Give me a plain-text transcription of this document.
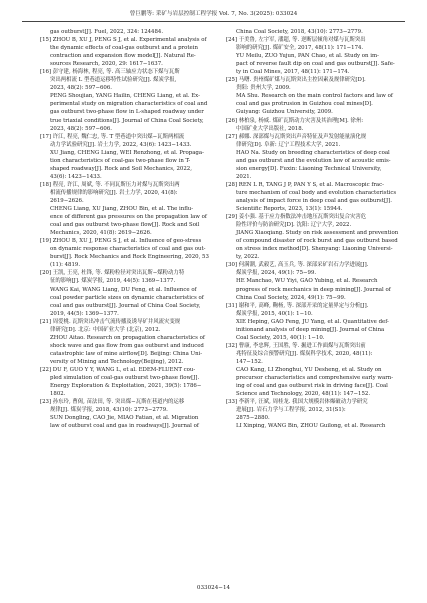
曾巨鹏等: 采矿与岩层控制工程学报 Vol. 7, No. 3(2025): 033024
gas outburst[J]. Fuel, 2022, 324: 124484.
[15] ZHOU B, XU J, PENG S J, et al. Experimental analysis of
the dynamic effects of coal-gas outburst and a protein
contraction and expansion flow model[J]. Natural Re-
sources Research, 2020, 29: 1617−1637.
[16] 彭守建, 杨海林, 程亮, 等. 高三轴应力状态下煤与瓦斯
突出两相流 L 型巷道运移特性试验研究[J]. 煤炭学报,
2023, 48(2): 597−606.
PENG Shoujian, YANG Hailin, CHENG Liang, et al. Ex-
perimental study on migration characteristics of coal and
gas outburst two-phase flow in L-shaped roadway under
true triaxial conditions[J]. Journal of China Coal Society,
2023, 48(2): 597−606.
[17] 许江, 程亮, 魏仁忠, 等. T 型巷道中突出煤−瓦斯两相流
动力学试验研究[J]. 岩土力学, 2022, 43(6): 1423−1433.
XU Jiang, CHENG Liang, WEI Renzhong, et al. Propaga-
tion characteristics of coal-gas two-phase flow in T-
shaped roadway[J]. Rock and Soil Mechanics, 2022,
43(6): 1423−1433.
[18] 程亮, 许江, 周斌, 等. 不同瓦斯压力对煤与瓦斯突出两
相流传播规律的影响研究[J]. 岩土力学, 2020, 41(8):
2619−2626.
CHENG Liang, XU Jiang, ZHOU Bin, et al. The influ-
ence of different gas pressures on the propagation law of
coal and gas outburst two-phase flow[J]. Rock and Soil
Mechanics, 2020, 41(8): 2619−2626.
[19] ZHOU B, XU J, PENG S J, et al. Influence of geo-stress
on dynamic response characteristics of coal and gas out-
burst[J]. Rock Mechanics and Rock Engineering, 2020, 53
(11): 4819.
[20] 王凯, 王亮, 杜锋, 等. 煤粉粒径对突出瓦斯−煤粉动力特
征的影响[J]. 煤炭学报, 2019, 44(5): 1369−1377.
WANG Kai, WANG Liang, DU Feng, et al. Influence of
coal powder particle sizes on dynamic characteristics of
coal and gas outburst[J]. Journal of China Coal Society,
2019, 44(5): 1369−1377.
[21] 周爱桃. 瓦斯突出冲击气流传播及诱导矿井风流灾变规
律研究[D]. 北京: 中国矿业大学 (北京), 2012.
ZHOU Aitao. Research on propagation characteristics of
shock wave and gas flow from gas outburst and induced
catastrophic law of mine airflow[D]. Beijing: China Uni-
versity of Mining and Technology(Beijing), 2012.
[22] DU F, GUO Y Y, WANG L, et al. EDEM-FLUENT cou-
pled simulation of coal-gas outburst two-phase flow[J].
Energy Exploration & Exploitation, 2021, 39(5): 1786−
1802.
[23] 孙东玲, 曹偈, 苗法田, 等. 突出煤−瓦斯在巷道内的运移
规律[J]. 煤炭学报, 2018, 43(10): 2773−2779.
SUN Dongling, CAO Jie, MIAO Fatian, et al. Migration
law of outburst coal and gas in roadways[J]. Journal of
China Coal Society, 2018, 43(10): 2773−2779.
[24] 于美鲁, 左宇军, 潘超, 等. 逆断层倾角对煤与瓦斯突出
影响的研究[J]. 煤矿安全, 2017, 48(11): 171−174.
YU Meilu, ZUO Yujun, PAN Chao, et al. Study on im-
pact of reverse fault dip on coal and gas outburst[J]. Safe-
ty in Coal Mines, 2017, 48(11): 171−174.
[25] 马曙. 贵州煤矿煤与瓦斯突出主控因素及规律研究[D].
贵阳: 贵州大学, 2009.
MA Shu. Research on the main control factors and law of
coal and gas protrusion in Guizhou coal mines[D].
Guiyang: Guizhou University, 2009.
[26] 林柏泉, 杨威. 煤矿瓦斯动力灾害及其治理[M]. 徐州:
中国矿业大学出版社, 2018.
[27] 郝娜. 深部煤与瓦斯突出声音特征及声发射能量演化规
律研究[D]. 阜新: 辽宁工程技术大学, 2021.
HAO Na. Study on breeding characteristics of deep coal
and gas outburst and the evolution law of acoustic emis-
sion energy[D]. Fuxin: Liaoning Technical University,
2021.
[28] REN L R, TANG J P, PAN Y S, et al. Macroscopic frac-
ture mechanism of coal body and evolution characteristics
analysis of impact force in deep coal and gas outburst[J].
Scientific Reports, 2023, 13(1): 15944.
[29] 姜小强. 基于应力指数法冲击地压瓦斯突出复合灾害危
险性评价与防治研究[D]. 沈阳: 辽宁大学, 2022.
JIANG Xiaoqiang. Study on risk assessment and prevention
of compound disaster of rock burst and gas outburst based
on stress index method[D]. Shenyang: Liaoning Universi-
ty, 2022.
[30] 何满潮, 武毅艺, 高玉兵, 等. 深部采矿岩石力学进展[J].
煤炭学报, 2024, 49(1): 75−99.
HE Manchao, WU Yiyi, GAO Yubing, et al. Research
progress of rock mechanics in deep mining[J]. Journal of
China Coal Society, 2024, 49(1): 75−99.
[31] 谢和平, 高峰, 鞠杨, 等. 深部开采的定量界定与分析[J].
煤炭学报, 2015, 40(1): 1−10.
XIE Heping, GAO Feng, JU Yang, et al. Quantitative def-
initionand analysis of deep mining[J]. Journal of China
Coal Society, 2015, 40(1): 1−10.
[32] 曹康, 李忠辉, 王国胜, 等. 掘进工作面煤与瓦斯突出前
兆特征及综合预警研究[J]. 煤炭科学技术, 2020, 48(11):
147−152.
CAO Kang, LI Zhonghui, YU Desheng, et al. Study on
precursor characteristics and comprehensive early warn-
ing of coal and gas outburst risk in driving face[J]. Coal
Science and Technology, 2020, 48(11): 147−152.
[33] 李新平, 汪斌, 周桂龙. 我国大规模岩体爆破动力学研究
进展[J]. 岩石力学与工程学报, 2012, 31(S1):
2875−2880.
LI Xinping, WANG Bin, ZHOU Guilong, et al. Research
033024−14
